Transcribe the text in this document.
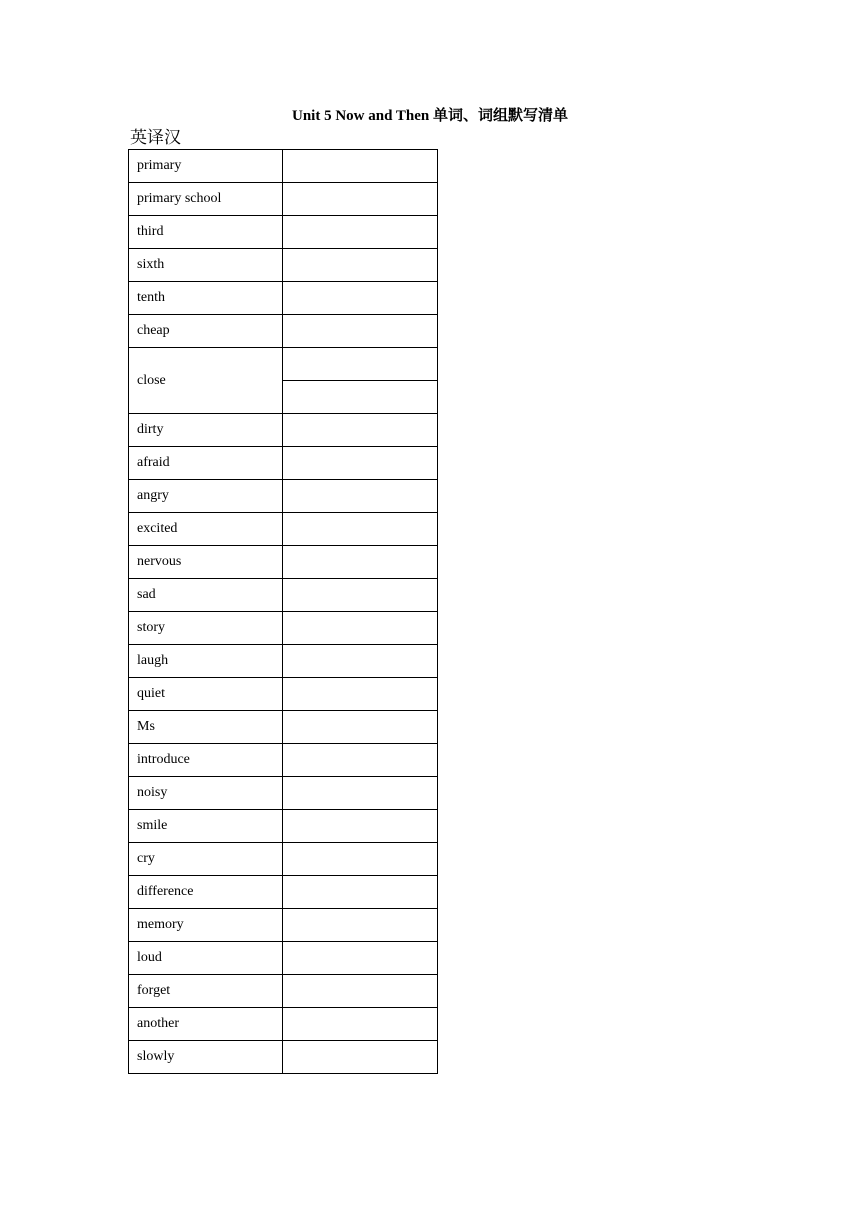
Unit 5 Now and Then 单词、词组默写清单
英译汉
primary	
primary school	
third	
sixth	
tenth	
cheap	
close	

dirty	
afraid	
angry	
excited	
nervous	
sad	
story	
laugh	
quiet	
Ms	
introduce	
noisy	
smile	
cry	
difference	
memory	
loud	
forget	
another	
slowly	
